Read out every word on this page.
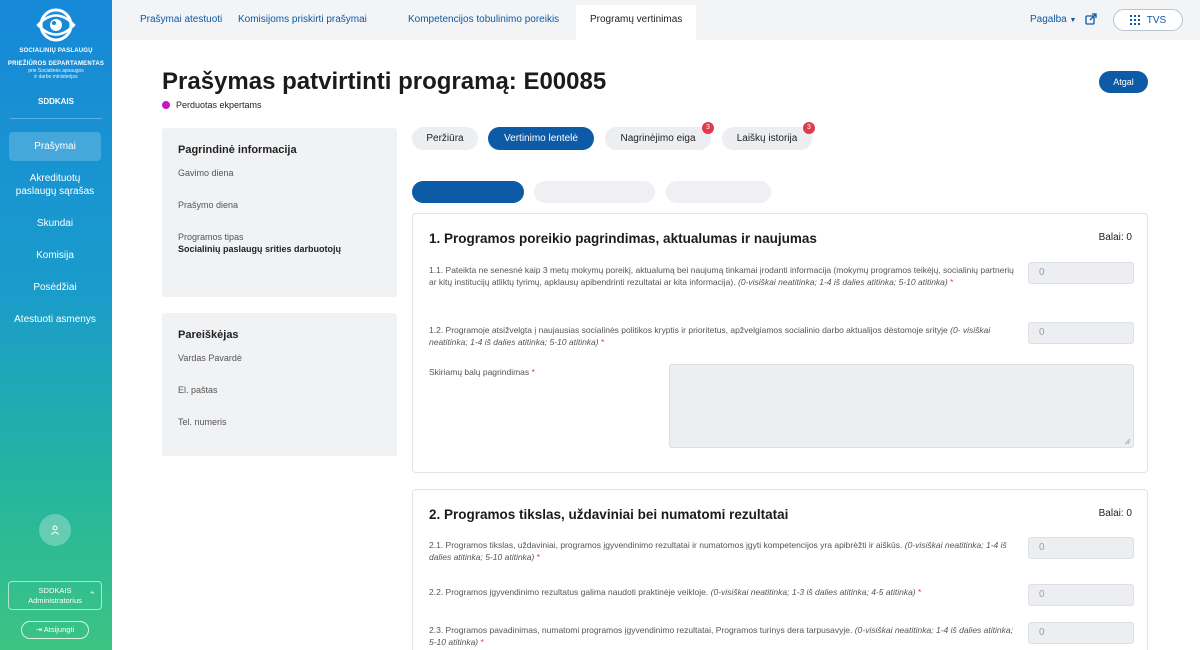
SOCIALINIŲ PASLAUGŲ
PRIEŽIŪROS DEPARTAMENTAS
prie Socialinės apsaugos
ir darbo ministerijos
SDDKAIS
Prašymai
Akredituotų paslaugų sąrašas
Skundai
Komisija
Posėdžiai
Atestuoti asmenys
SDDKAIS
Administratorius
⌃
⇥ Atsijungti
Prašymai atestuoti	Komisijoms priskirti prašymai	Kompetencijos tobulinimo poreikis	Programų vertinimas	Pagalba ▼	TVS
Prašymas patvirtinti programą: E00085
Perduotas ekpertams
Atgal
Pagrindinė informacija
Gavimo diena
Prašymo diena
Programos tipas
Socialinių paslaugų srities darbuotojų
Pareiškėjas
Vardas Pavardė
El. paštas
Tel. numeris
Peržiūra	Vertinimo lentelė	Nagrinėjimo eiga
3
Laiškų istorija
3
1. Programos poreikio pagrindimas, aktualumas ir naujumas	Balai: 0
1.1. Pateikta ne senesnė kaip 3 metų mokymų poreikį, aktualumą bei naujumą tinkamai įrodanti informacija (mokymų programos teikėjų, socialinių partnerių ar kitų institucijų atliktų tyrimų, apklausų apibendrinti rezultatai ar kita informacija). (0-visiškai neatitinka; 1-4 iš dalies atitinka; 5-10 atitinka) *
0
1.2. Programoje atsižvelgta į naujausias socialinės politikos kryptis ir prioritetus, apžvelgiamos socialinio darbo aktualijos dėstomoje srityje (0- visiškai neatitinka; 1-4 iš dalies atitinka; 5-10 atitinka) *
0
Skiriamų balų pagrindimas *
2. Programos tikslas, uždaviniai bei numatomi rezultatai	Balai: 0
2.1. Programos tikslas, uždaviniai, programos įgyvendinimo rezultatai ir numatomos įgyti kompetencijos yra apibrėžti ir aiškūs. (0-visiškai neatitinka; 1-4 iš dalies atitinka; 5-10 atitinka) *
0
2.2. Programos įgyvendinimo rezultatus galima naudoti praktinėje veikloje. (0-visiškai neatitinka; 1-3 iš dalies atitinka; 4-5 atitinka) *	0
2.3. Programos pavadinimas, numatomi programos įgyvendinimo rezultatai, Programos turinys dera tarpusavyje. (0-visiškai neatitinka; 1-4 iš dalies atitinka; 5-10 atitinka) *
0
